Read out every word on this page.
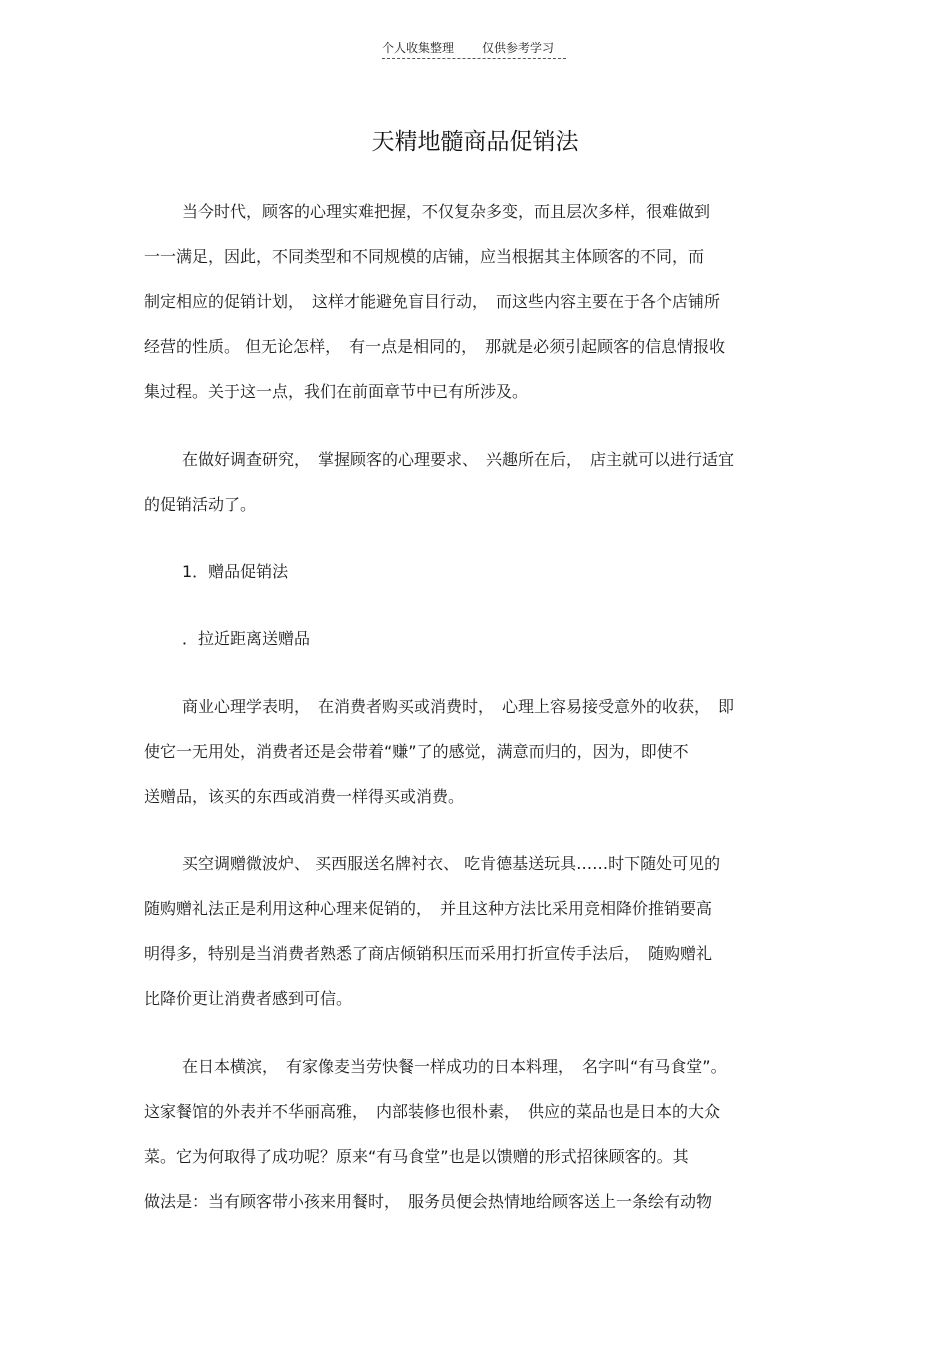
个人收集整理 仅供参考学习
天精地髓商品促销法
当今时代，顾客的心理实难把握，不仅复杂多变，而且层次多样，很难做到
一一满足，因此，不同类型和不同规模的店铺，应当根据其主体顾客的不同，而
制定相应的促销计划，　这样才能避免盲目行动，　而这些内容主要在于各个店铺所
经营的性质。 但无论怎样，　有一点是相同的，　那就是必须引起顾客的信息情报收
集过程。关于这一点，我们在前面章节中已有所涉及。
在做好调查研究，　掌握顾客的心理要求、　兴趣所在后，　店主就可以进行适宜
的促销活动了。
1．赠品促销法
．拉近距离送赠品
商业心理学表明，　在消费者购买或消费时，　心理上容易接受意外的收获，　即
使它一无用处，消费者还是会带着“赚”了的感觉，满意而归的，因为，即使不
送赠品，该买的东西或消费一样得买或消费。
买空调赠微波炉、 买西服送名牌衬衣、 吃肯德基送玩具……时下随处可见的
随购赠礼法正是利用这种心理来促销的，　并且这种方法比采用竞相降价推销要高
明得多，特别是当消费者熟悉了商店倾销积压而采用打折宣传手法后，　随购赠礼
比降价更让消费者感到可信。
在日本横滨，　有家像麦当劳快餐一样成功的日本料理，　名字叫“有马食堂”。
这家餐馆的外表并不华丽高雅，　内部装修也很朴素，　供应的菜品也是日本的大众
菜。它为何取得了成功呢？原来“有马食堂”也是以馈赠的形式招徕顾客的。其
做法是：当有顾客带小孩来用餐时，　服务员便会热情地给顾客送上一条绘有动物
